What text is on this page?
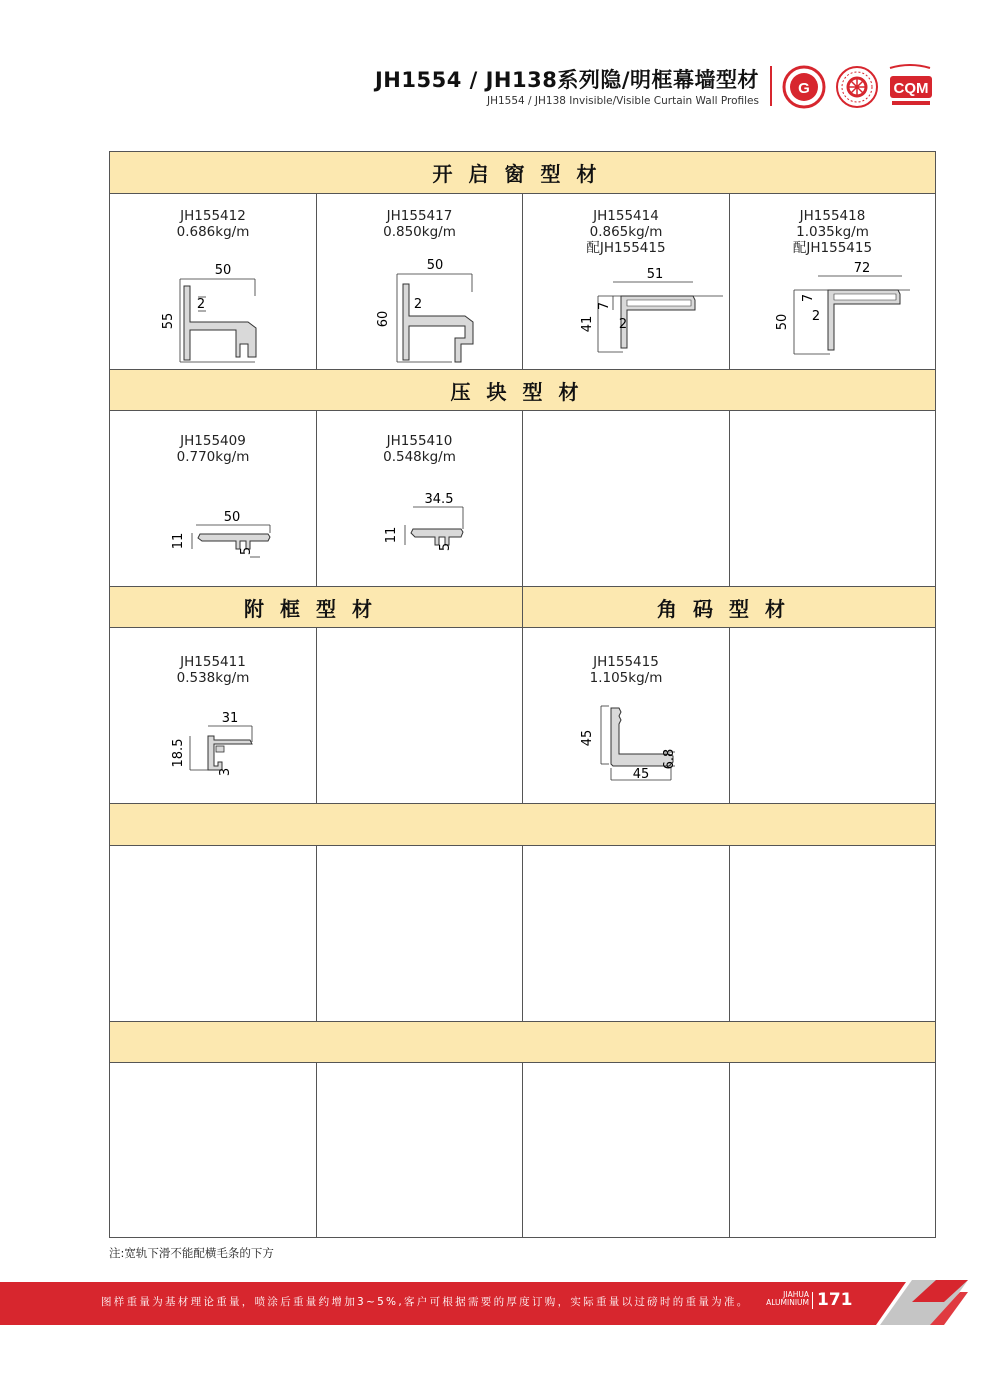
JH1554 / JH138系列隐/明框幕墙型材
JH1554 / JH138 Invisible/Visible Curtain Wall Profiles
G	CQM
开启窗型材
JH155412
0.686kg/m
50
55
2
JH155417
0.850kg/m
50
60
2
JH155414
0.865kg/m
配JH155415
51
41
7
2
JH155418
1.035kg/m
配JH155415
72
50
7
2
压块型材
JH155409
0.770kg/m
50
11
5
JH155410
0.548kg/m
34.5
11
5
附框型材	角码型材
JH155411
0.538kg/m
31
18.5
3
JH155415
1.105kg/m
45
45
6.8
注:宽轨下滑不能配横毛条的下方
图样重量为基材理论重量，喷涂后重量约增加3~5%,客户可根据需要的厚度订购，实际重量以过磅时的重量为准。
JIAHUA
ALUMINIUM 171
